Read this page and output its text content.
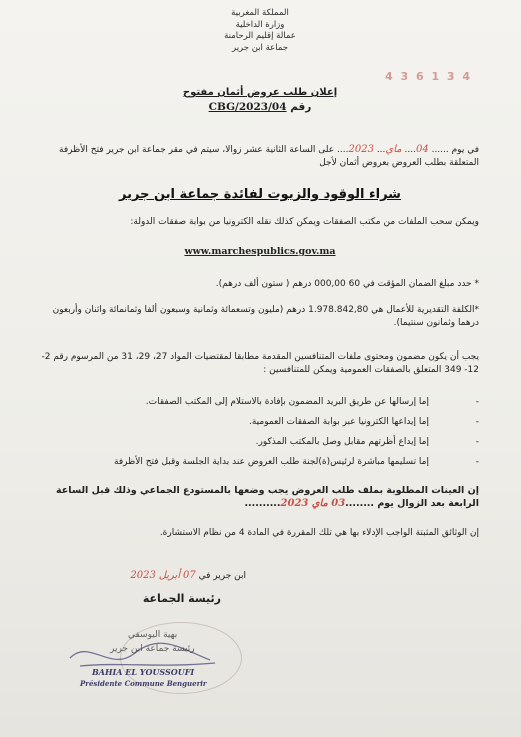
المملكة المغربية
وزارة الداخلية
عمالة إقليم الرحامنة
جماعة ابن جرير
4 3 6 1 3 4
إعلان طلب عروض أثمان مفتوح
رقم CBG/2023/04
في يوم ...... 04.... ماي... 2023.... على الساعة الثانية عشر زوالا، سيتم في مقر جماعة ابن جرير فتح الأظرفة المتعلقة بطلب العروض بعروض أثمان لأجل
شراء الوقود والزيوت لفائدة جماعة ابن جرير
ويمكن سحب الملفات من مكتب الصفقات ويمكن كذلك نقله الكترونيا من بوابة صفقات الدولة:
www.marchespublics.gov.ma
* حدد مبلغ الضمان المؤقت في 60 000,00 درهم ( ستون ألف درهم).
*الكلفة التقديرية للأعمال هي 1.978.842,80 درهم (مليون وتسعمائة وثمانية وسبعون ألفا وثمانمائة واثنان وأربعون درهما وثمانون سنتيما).
يجب أن يكون مضمون ومحتوى ملفات المتنافسين المقدمة مطابقا لمقتضيات المواد 27، 29، 31 من المرسوم رقم 2-12- 349 المتعلق بالصفقات العمومية ويمكن للمتنافسين :
-
إما إرسالها عن طريق البريد المضمون بإفادة بالاستلام إلى المكتب الصفقات.
-
إما إيداعها الكترونيا عبر بوابة الصفقات العمومية.
-
إما إيداع أظرتهم مقابل وصل بالمكتب المذكور.
-
إما تسليمها مباشرة لرئيس(ة)لجنة طلب العروض عند بداية الجلسة وقبل فتح الأظرفة
إن العينات المطلوبة بملف طلب العروض يجب وضعها بالمستودع الجماعي وذلك قبل الساعة الرابعة بعد الزوال يوم ........03 ماي 2023..........
إن الوثائق المثبتة الواجب الإدلاء بها هي تلك المقررة في المادة 4 من نظام الاستشارة.
ابن جرير في 07 أبريل 2023
رئيسة الجماعة
بهية اليوسفي
رئيسة جماعة ابن جرير
BAHIA EL YOUSSOUFI
Présidente Commune Benguerir
